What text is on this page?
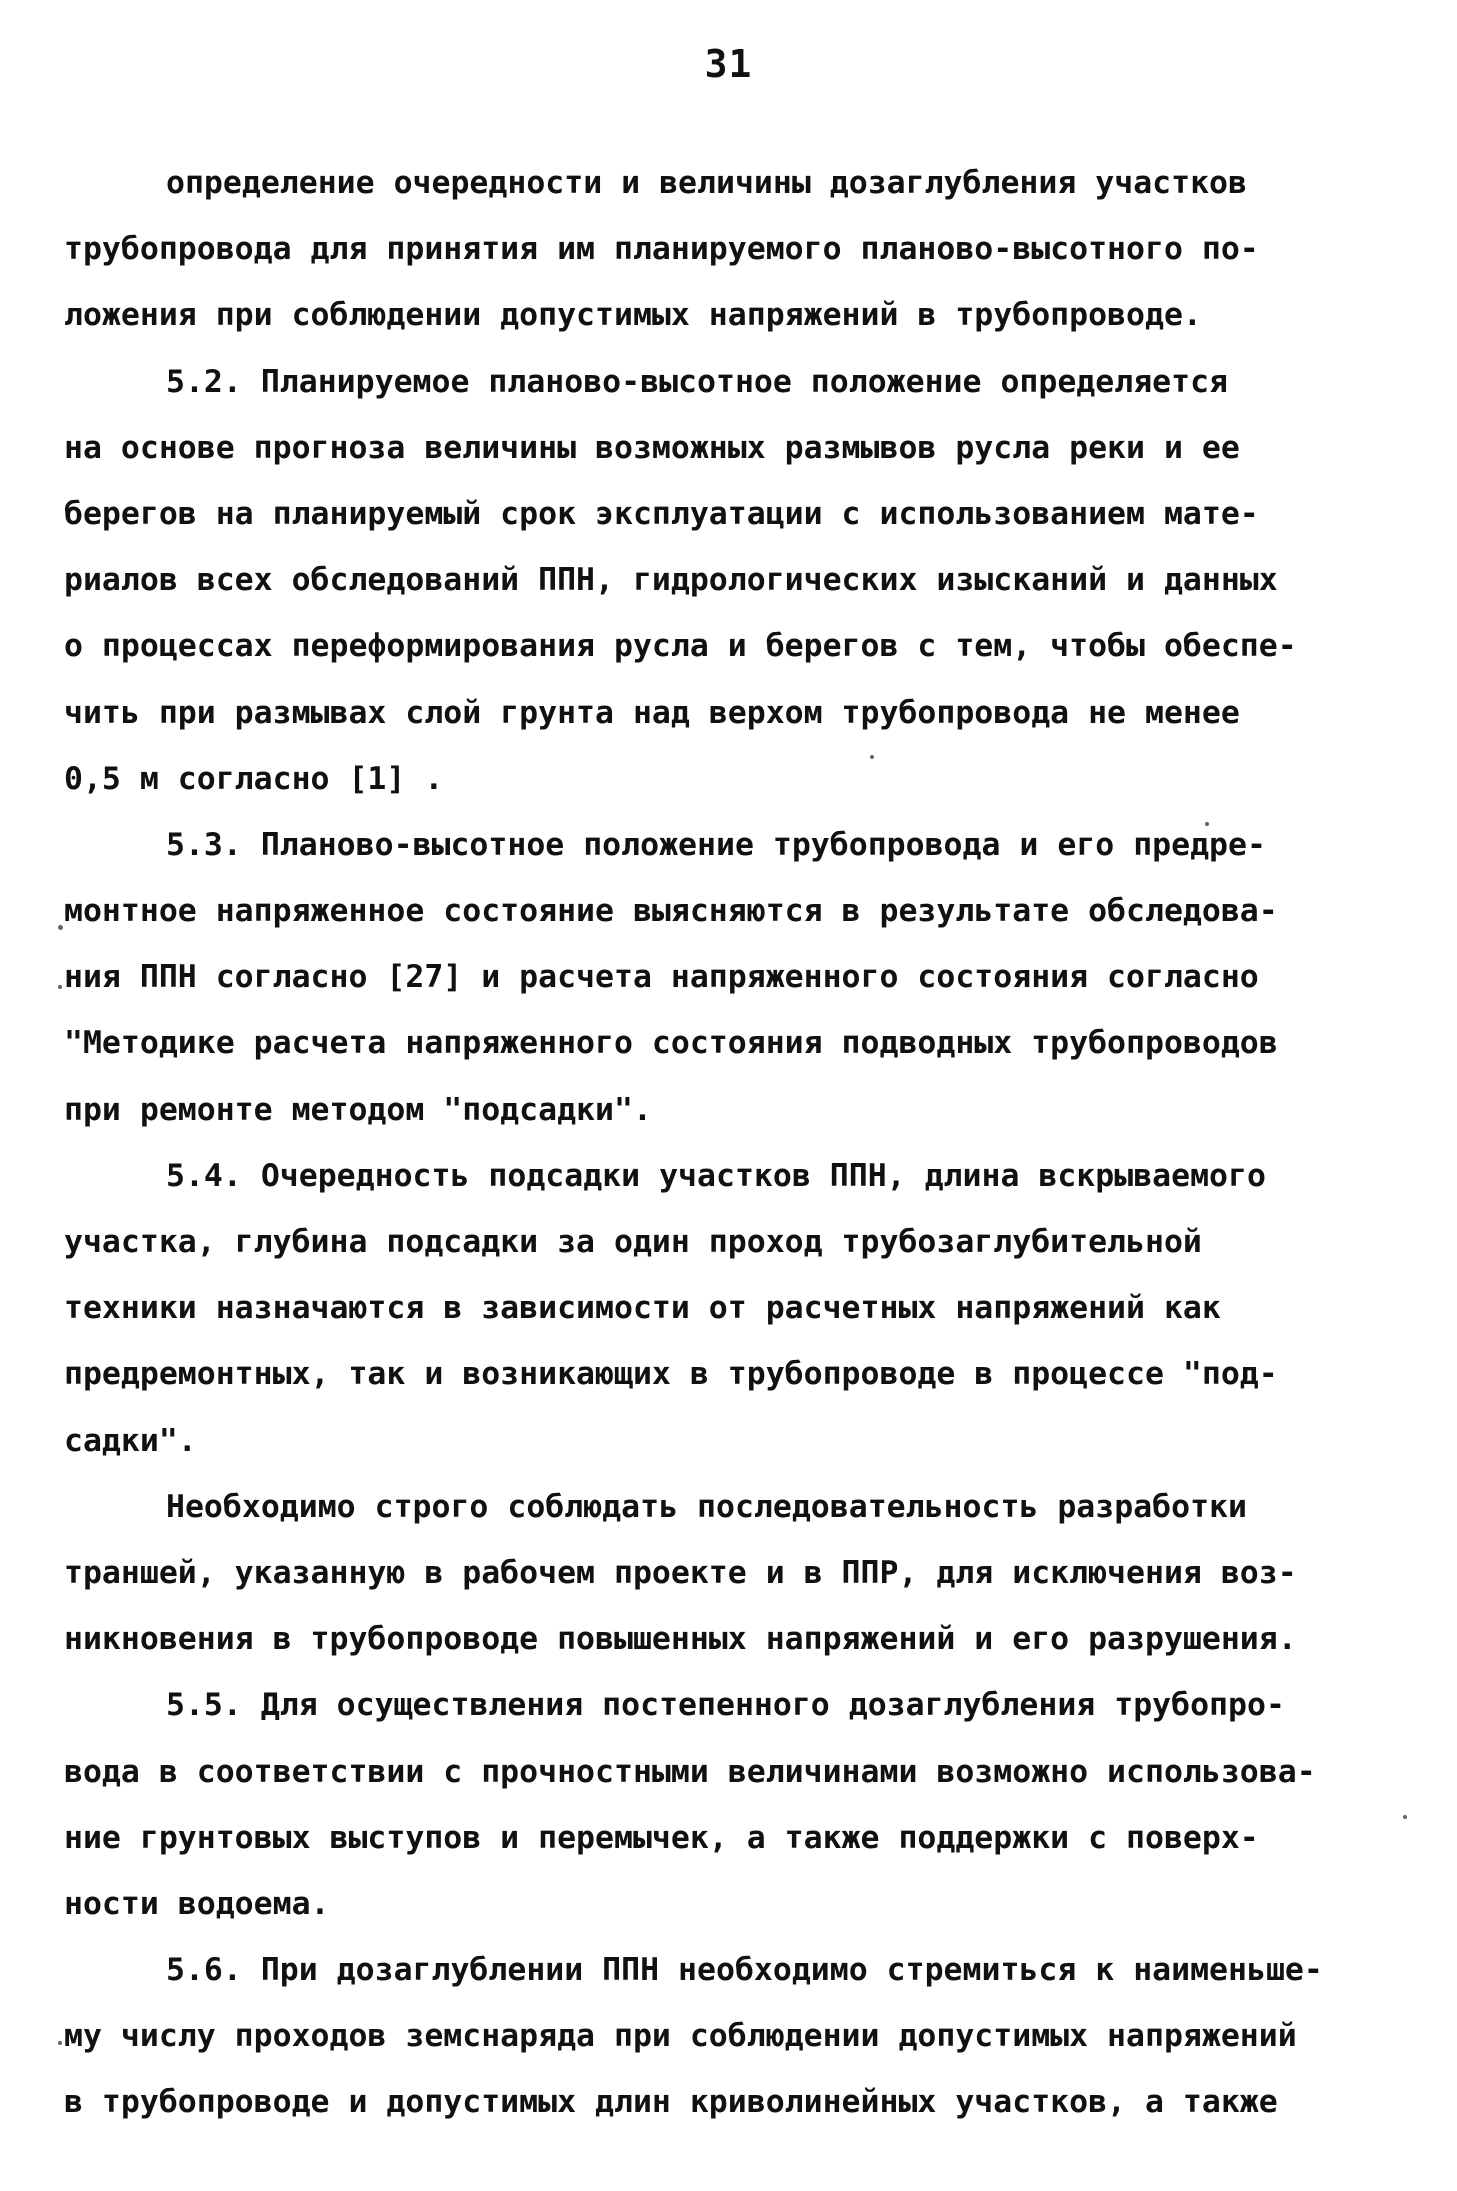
31
определение очередности и величины дозаглубления участков
трубопровода для принятия им планируемого планово-высотного по-
ложения при соблюдении допустимых напряжений в трубопроводе.
5.2. Планируемое планово-высотное положение определяется
на основе прогноза величины возможных размывов русла реки и ее
берегов на планируемый срок эксплуатации с использованием мате-
риалов всех обследований ППН, гидрологических изысканий и данных
о процессах переформирования русла и берегов с тем, чтобы обеспе-
чить при размывах слой грунта над верхом трубопровода не менее
0,5 м согласно [1] .
5.3. Планово-высотное положение трубопровода и его предре-
монтное напряженное состояние выясняются в результате обследова-
ния ППН согласно [27] и расчета напряженного состояния согласно
"Методике расчета напряженного состояния подводных трубопроводов
при ремонте методом "подсадки".
5.4. Очередность подсадки участков ППН, длина вскрываемого
участка, глубина подсадки за один проход трубозаглубительной
техники назначаются в зависимости от расчетных напряжений как
предремонтных, так и возникающих в трубопроводе в процессе "под-
садки".
Необходимо строго соблюдать последовательность разработки
траншей, указанную в рабочем проекте и в ППР, для исключения воз-
никновения в трубопроводе повышенных напряжений и его разрушения.
5.5. Для осуществления постепенного дозаглубления трубопро-
вода в соответствии с прочностными величинами возможно использова-
ние грунтовых выступов и перемычек, а также поддержки с поверх-
ности водоема.
5.6. При дозаглублении ППН необходимо стремиться к наименьше-
му числу проходов земснаряда при соблюдении допустимых напряжений
в трубопроводе и допустимых длин криволинейных участков, а также
